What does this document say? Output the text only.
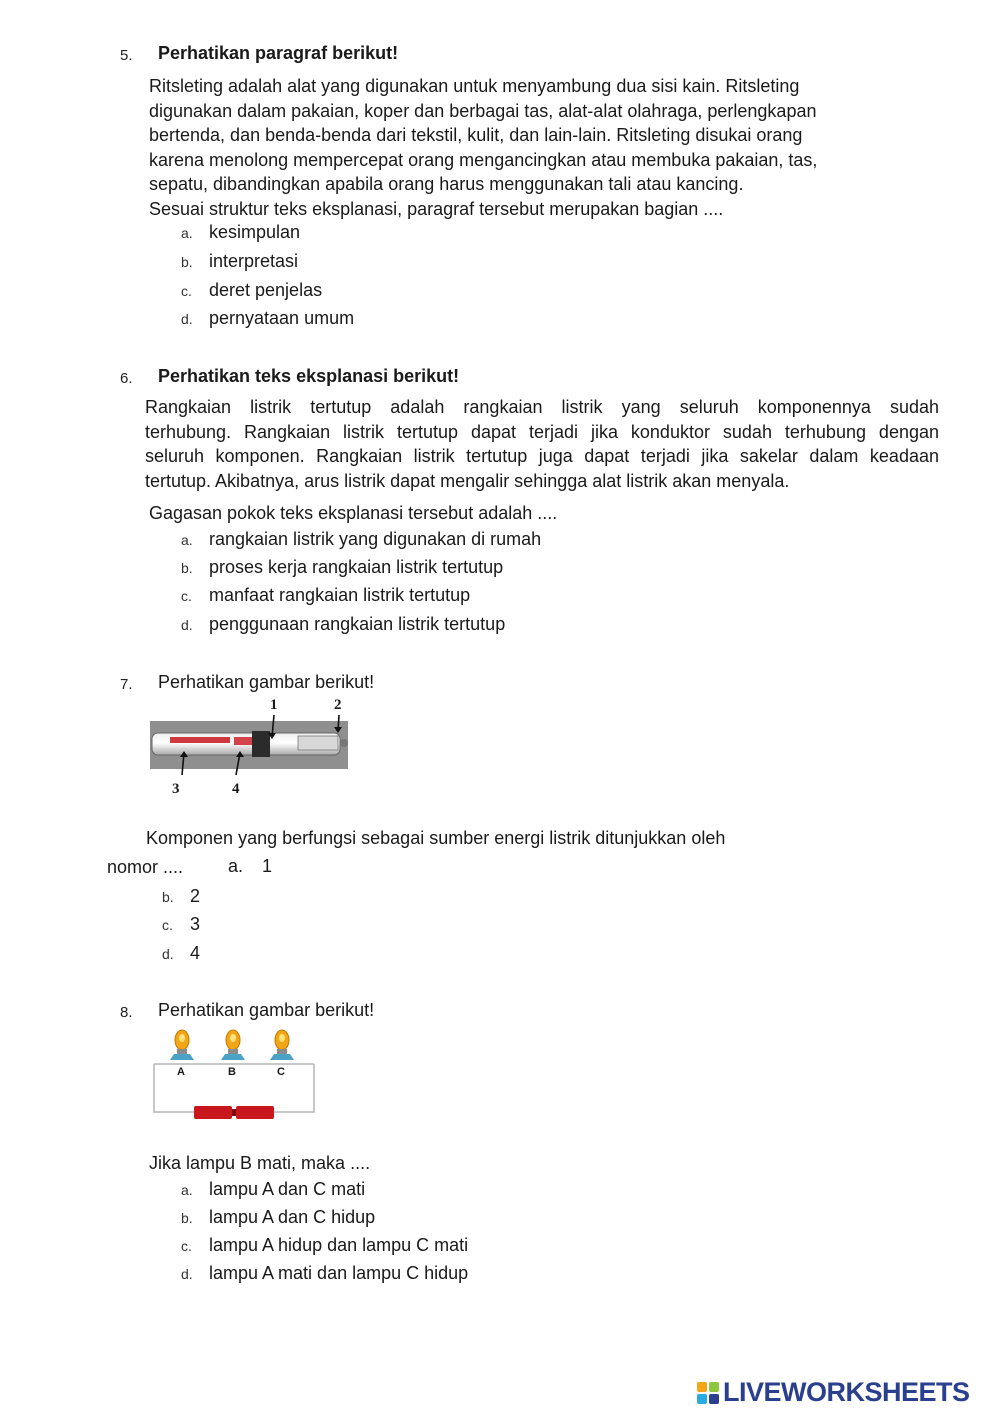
5. Perhatikan paragraf berikut!

Ritsleting adalah alat yang digunakan untuk menyambung dua sisi kain. Ritsleting

digunakan dalam pakaian, koper dan berbagai tas, alat-alat olahraga, perlengkapan

bertenda, dan benda-benda dari tekstil, kulit, dan lain-lain. Ritsleting disukai orang

karena menolong mempercepat orang mengancingkan atau membuka pakaian, tas,

sepatu, dibandingkan apabila orang harus menggunakan tali atau kancing.

Sesuai struktur teks eksplanasi, paragraf tersebut merupakan bagian ....

a. kesimpulan
b. interpretasi
c. deret penjelas
d. pernyataan umum
6. Perhatikan teks eksplanasi berikut!

Rangkaian listrik tertutup adalah rangkaian listrik yang seluruh komponennya sudah

terhubung. Rangkaian listrik tertutup dapat terjadi jika konduktor sudah terhubung dengan

seluruh komponen. Rangkaian listrik tertutup juga dapat terjadi jika sakelar dalam keadaan

tertutup. Akibatnya, arus listrik dapat mengalir sehingga alat listrik akan menyala.

Gagasan pokok teks eksplanasi tersebut adalah ....
a. rangkaian listrik yang digunakan di rumah
b. proses kerja rangkaian listrik tertutup
c. manfaat rangkaian listrik tertutup
d. penggunaan rangkaian listrik tertutup
7. Perhatikan gambar berikut!
1	2
3	4
Komponen yang berfungsi sebagai sumber energi listrik ditunjukkan oleh
nomor .... a. 1
b. 2
c. 3
d. 4
8. Perhatikan gambar berikut!
A	B	C
Jika lampu B mati, maka ....
a. lampu A dan C mati
b. lampu A dan C hidup
c. lampu A hidup dan lampu C mati
d. lampu A mati dan lampu C hidup
LIVEWORKSHEETS
